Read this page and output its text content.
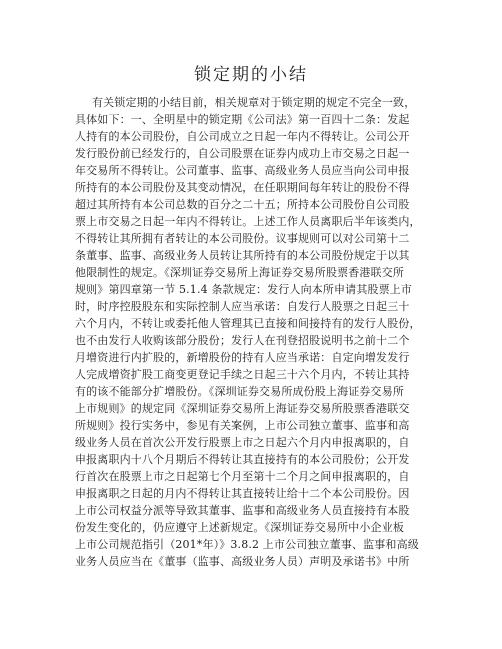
锁定期的小结
有关锁定期的小结目前，相关规章对于锁定期的规定不完全一致，
具体如下：一、全明星中的锁定期《公司法》第一百四十二条：发起
人持有的本公司股份，自公司成立之日起一年内不得转让。公司公开
发行股份前已经发行的，自公司股票在证券内成功上市交易之日起一
年交易所不得转让。公司董事、监事、高级业务人员应当向公司申报
所持有的本公司股份及其变动情况，在任职期间每年转让的股份不得
超过其所持有本公司总数的百分之二十五；所持本公司股份自公司股
票上市交易之日起一年内不得转让。上述工作人员离职后半年该类内，
不得转让其所拥有者转让的本公司股份。议事规则可以对公司第十二
条董事、监事、高级业务人员转让其所持有的本公司股份规定于以其
他限制性的规定。《深圳证券交易所上海证券交易所股票香港联交所
规则》第四章第一节 5.1.4 条款规定：发行人向本所申请其股票上市
时，时序控股股东和实际控制人应当承诺：自发行人股票之日起三十
六个月内，不转让或委托他人管理其已直接和间接持有的发行人股份，
也不由发行人收购该部分股份；发行人在刊登招股说明书之前十二个
月增资进行内扩股的，新增股份的持有人应当承诺：自定向增发发行
人完成增资扩股工商变更登记手续之日起三十六个月内，不转让其持
有的该不能部分扩增股份。《深圳证券交易所成份股上海证券交易所
上市规则》的规定同《深圳证券交易所上海证券交易所股票香港联交
所规则》投行实务中，参见有关案例，上市公司独立董事、监事和高
级业务人员在首次公开发行股票上市之日起六个月内申报离职的，自
申报离职内十八个月期后不得转让其直接持有的本公司股份；公开发
行首次在股票上市之日起第七个月至第十二个月之间申报离职的，自
申报离职之日起的月内不得转让其直接转让给十二个本公司股份。因
上市公司权益分派等导致其董事、监事和高级业务人员直接持有本股
份发生变化的，仍应遵守上述新规定。《深圳证券交易所中小企业板
上市公司规范指引（201*年）》3.8.2 上市公司独立董事、监事和高级
业务人员应当在《董事（监事、高级业务人员）声明及承诺书》中所
